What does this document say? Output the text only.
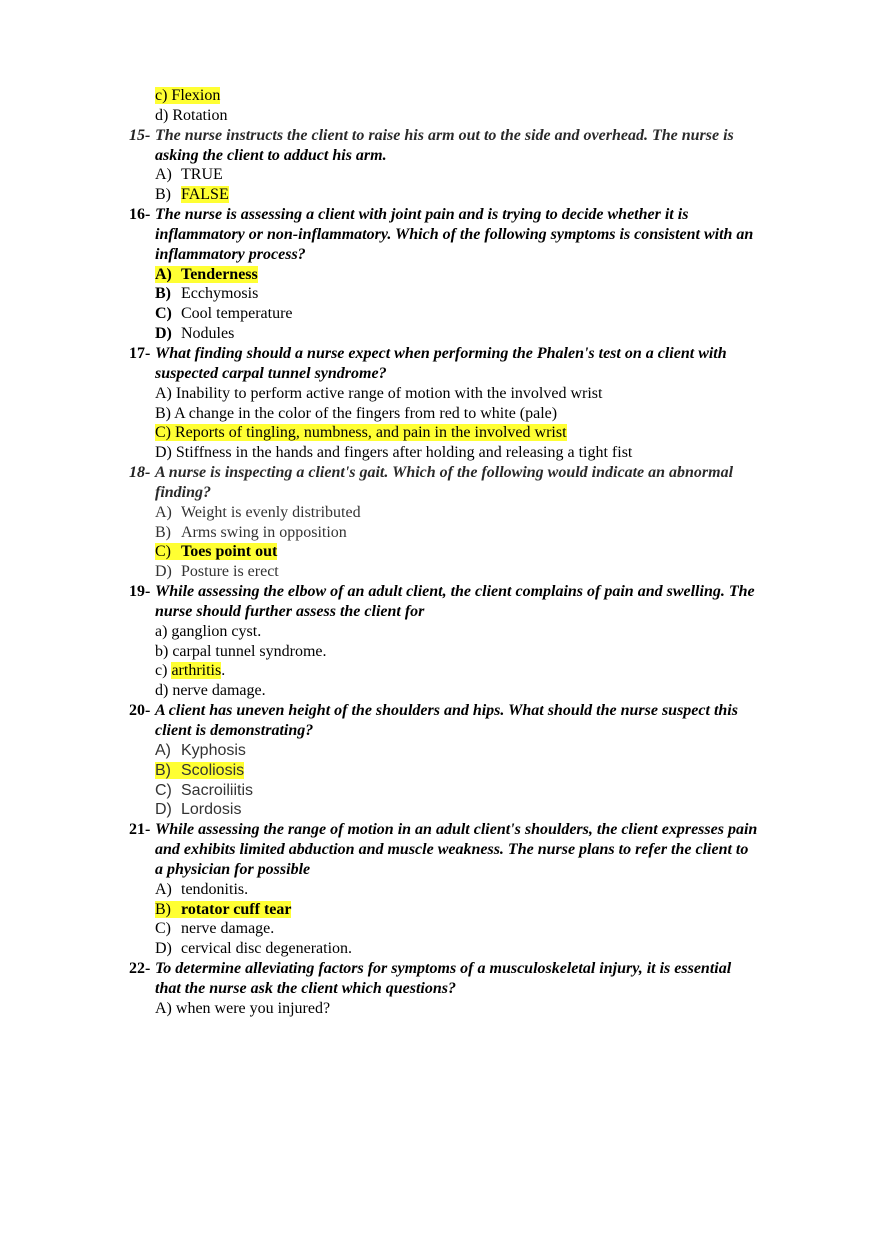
c) Flexion
d) Rotation
15- The nurse instructs the client to raise his arm out to the side and overhead. The nurse is
asking the client to adduct his arm.
A) TRUE
B) FALSE
16- The nurse is assessing a client with joint pain and is trying to decide whether it is
inflammatory or non-inflammatory. Which of the following symptoms is consistent with an
inflammatory process?
A) Tenderness
B) Ecchymosis
C) Cool temperature
D) Nodules
17- What finding should a nurse expect when performing the Phalen's test on a client with
suspected carpal tunnel syndrome?
A) Inability to perform active range of motion with the involved wrist
B) A change in the color of the fingers from red to white (pale)
C) Reports of tingling, numbness, and pain in the involved wrist
D) Stiffness in the hands and fingers after holding and releasing a tight fist
18- A nurse is inspecting a client's gait. Which of the following would indicate an abnormal
finding?
A) Weight is evenly distributed
B) Arms swing in opposition
C) Toes point out
D) Posture is erect
19- While assessing the elbow of an adult client, the client complains of pain and swelling. The
nurse should further assess the client for
a) ganglion cyst.
b) carpal tunnel syndrome.
c) arthritis.
d) nerve damage.
20- A client has uneven height of the shoulders and hips. What should the nurse suspect this
client is demonstrating?
A) Kyphosis
B) Scoliosis
C) Sacroiliitis
D) Lordosis
21- While assessing the range of motion in an adult client's shoulders, the client expresses pain
and exhibits limited abduction and muscle weakness. The nurse plans to refer the client to
a physician for possible
A) tendonitis.
B) rotator cuff tear
C) nerve damage.
D) cervical disc degeneration.
22- To determine alleviating factors for symptoms of a musculoskeletal injury, it is essential
that the nurse ask the client which questions?
A) when were you injured?
